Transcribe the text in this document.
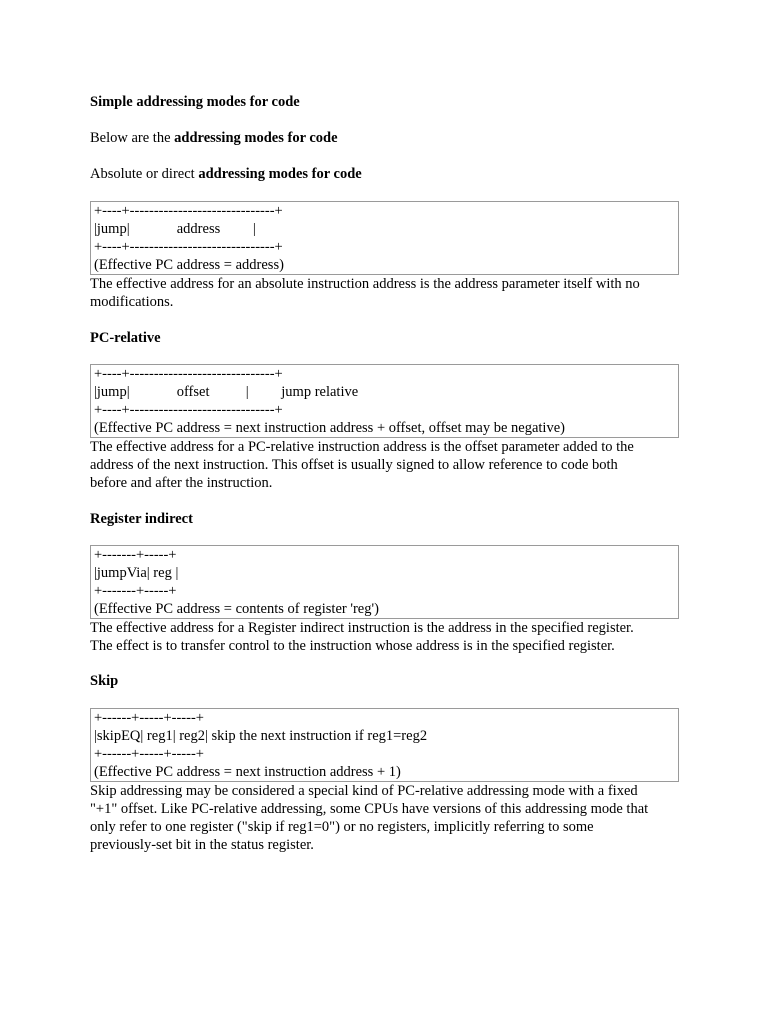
Simple addressing modes for code
Below are the addressing modes for code
Absolute or direct addressing modes for code
+----+------------------------------+
|jump|             address         |
+----+------------------------------+
(Effective PC address = address)
The effective address for an absolute instruction address is the address parameter itself with no
modifications.
PC-relative
+----+------------------------------+
|jump|             offset          |         jump relative
+----+------------------------------+
(Effective PC address = next instruction address + offset, offset may be negative)
The effective address for a PC-relative instruction address is the offset parameter added to the
address of the next instruction. This offset is usually signed to allow reference to code both
before and after the instruction.
Register indirect
+-------+-----+
|jumpVia| reg |
+-------+-----+
(Effective PC address = contents of register 'reg')
The effective address for a Register indirect instruction is the address in the specified register.
The effect is to transfer control to the instruction whose address is in the specified register.
Skip
+------+-----+-----+
|skipEQ| reg1| reg2| skip the next instruction if reg1=reg2
+------+-----+-----+
(Effective PC address = next instruction address + 1)
Skip addressing may be considered a special kind of PC-relative addressing mode with a fixed
"+1" offset. Like PC-relative addressing, some CPUs have versions of this addressing mode that
only refer to one register ("skip if reg1=0") or no registers, implicitly referring to some
previously-set bit in the status register.
